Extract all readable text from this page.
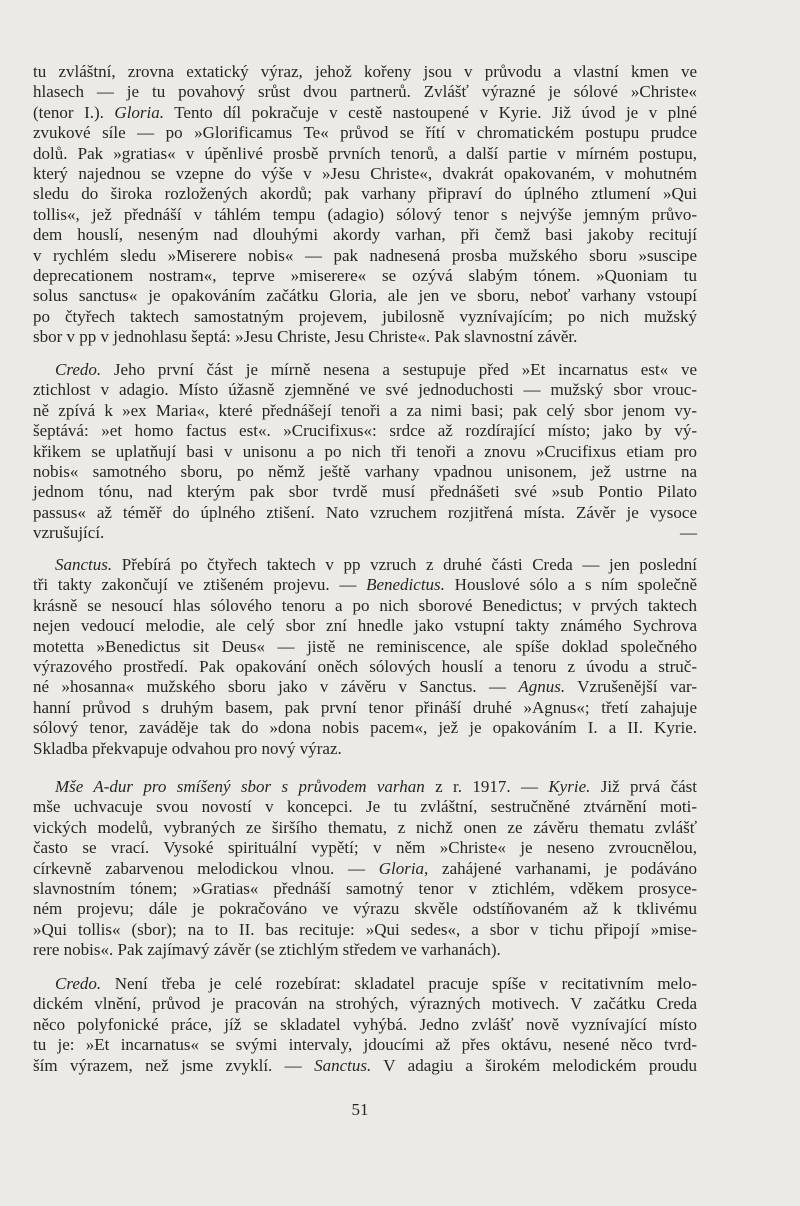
tu zvláštní, zrovna extatický výraz, jehož kořeny jsou v průvodu a vlastní kmen ve
hlasech — je tu povahový srůst dvou partnerů. Zvlášť výrazné je sólové »Christe«
(tenor I.). Gloria. Tento díl pokračuje v cestě nastoupené v Kyrie. Již úvod je v plné
zvukové síle — po »Glorificamus Te« průvod se řítí v chromatickém postupu prudce
dolů. Pak »gratias« v úpěnlivé prosbě prvních tenorů, a další partie v mírném postupu,
který najednou se vzepne do výše v »Jesu Christe«, dvakrát opakovaném, v mohutném
sledu do široka rozložených akordů; pak varhany připraví do úplného ztlumení »Qui
tollis«, jež přednáší v táhlém tempu (adagio) sólový tenor s nejvýše jemným průvo-
dem houslí, neseným nad dlouhými akordy varhan, při čemž basi jakoby recitují
v rychlém sledu »Miserere nobis« — pak nadnesená prosba mužského sboru »suscipe
deprecationem nostram«, teprve »miserere« se ozývá slabým tónem. »Quoniam tu
solus sanctus« je opakováním začátku Gloria, ale jen ve sboru, neboť varhany vstoupí
po čtyřech taktech samostatným projevem, jubilosně vyznívajícím; po nich mužský
sbor v pp v jednohlasu šeptá: »Jesu Christe, Jesu Christe«. Pak slavnostní závěr.
Credo. Jeho první část je mírně nesena a sestupuje před »Et incarnatus est« ve
ztichlost v adagio. Místo úžasně zjemněné ve své jednoduchosti — mužský sbor vrouc-
ně zpívá k »ex Maria«, které přednášejí tenoři a za nimi basi; pak celý sbor jenom vy-
šeptává: »et homo factus est«. »Crucifixus«: srdce až rozdírající místo; jako by vý-
křikem se uplatňují basi v unisonu a po nich tři tenoři a znovu »Crucifixus etiam pro
nobis« samotného sboru, po němž ještě varhany vpadnou unisonem, jež ustrne na
jednom tónu, nad kterým pak sbor tvrdě musí přednášeti své »sub Pontio Pilato
passus« až téměř do úplného ztišení. Nato vzruchem rozjitřená místa. Závěr je vysoce
vzrušující. —
Sanctus. Přebírá po čtyřech taktech v pp vzruch z druhé části Creda — jen poslední
tři takty zakončují ve ztišeném projevu. — Benedictus. Houslové sólo a s ním společně
krásně se nesoucí hlas sólového tenoru a po nich sborové Benedictus; v prvých taktech
nejen vedoucí melodie, ale celý sbor zní hnedle jako vstupní takty známého Sychrova
motetta »Benedictus sit Deus« — jistě ne reminiscence, ale spíše doklad společného
výrazového prostředí. Pak opakování oněch sólových houslí a tenoru z úvodu a struč-
né »hosanna« mužského sboru jako v závěru v Sanctus. — Agnus. Vzrušenější var-
hanní průvod s druhým basem, pak první tenor přináší druhé »Agnus«; třetí zahajuje
sólový tenor, zaváděje tak do »dona nobis pacem«, jež je opakováním I. a II. Kyrie.
Skladba překvapuje odvahou pro nový výraz.
Mše A-dur pro smíšený sbor s průvodem varhan z r. 1917. — Kyrie. Již prvá část
mše uchvacuje svou novostí v koncepci. Je tu zvláštní, sestručněné ztvárnění moti-
vických modelů, vybraných ze širšího thematu, z nichž onen ze závěru thematu zvlášť
často se vrací. Vysoké spirituální vypětí; v něm »Christe« je neseno zvroucnělou,
církevně zabarvenou melodickou vlnou. — Gloria, zahájené varhanami, je podáváno
slavnostním tónem; »Gratias« přednáší samotný tenor v ztichlém, vděkem prosyce-
ném projevu; dále je pokračováno ve výrazu skvěle odstíňovaném až k tklivému
»Qui tollis« (sbor); na to II. bas recituje: »Qui sedes«, a sbor v tichu připojí »mise-
rere nobis«. Pak zajímavý závěr (se ztichlým středem ve varhanách).
Credo. Není třeba je celé rozebírat: skladatel pracuje spíše v recitativním melo-
dickém vlnění, průvod je pracován na strohých, výrazných motivech. V začátku Creda
něco polyfonické práce, jíž se skladatel vyhýbá. Jedno zvlášť nově vyznívající místo
tu je: »Et incarnatus« se svými intervaly, jdoucími až přes oktávu, nesené něco tvrd-
ším výrazem, než jsme zvyklí. — Sanctus. V adagiu a širokém melodickém proudu
51
